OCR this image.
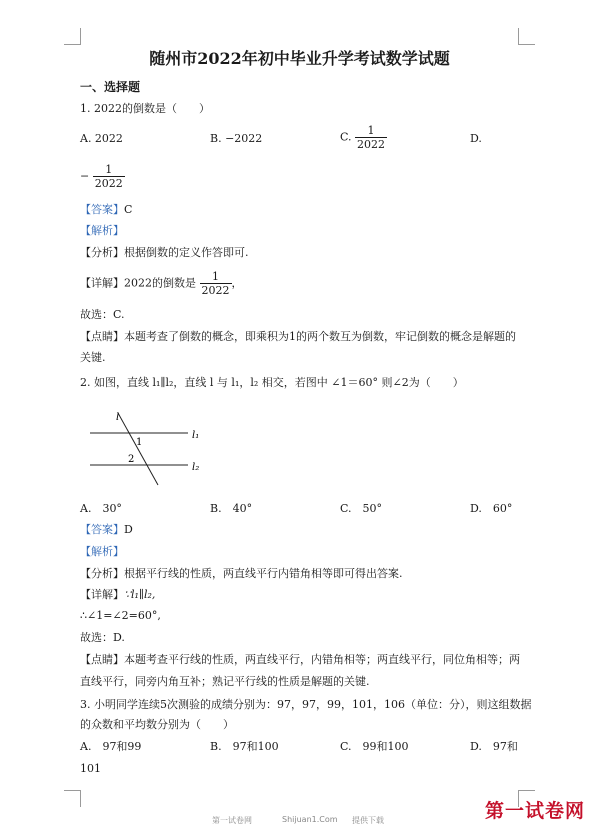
随州市2022年初中毕业升学考试数学试题
一、选择题
1. 2022的倒数是（　　）
A. 2022	B. −2022	C. $\frac{1}{2022}$	D.
− $\frac{1}{2022}$
【答案】C
【解析】
【分析】根据倒数的定义作答即可.
【详解】2022的倒数是 $\frac{1}{2022}$ ，
故选：C.
【点睛】本题考查了倒数的概念，即乘积为1的两个数互为倒数，牢记倒数的概念是解题的
关键.
2. 如图，直线 l₁∥l₂，直线 l 与 l₁，l₂ 相交，若图中 ∠1＝60° 则∠2为（　　）
l
l₁
l₂
1
2
A.　30°	B.　40°	C.　50°	D.　60°
【答案】D
【解析】
【分析】根据平行线的性质，两直线平行内错角相等即可得出答案.
【详解】∵l₁∥l₂,
∴∠1=∠2=60°,
故选：D.
【点睛】本题考查平行线的性质，两直线平行，内错角相等；两直线平行，同位角相等；两
直线平行，同旁内角互补；熟记平行线的性质是解题的关键.
3. 小明同学连续5次测验的成绩分别为：97，97，99，101，106（单位：分），则这组数据
的众数和平均数分别为（　　）
A.　97和99	B.　97和100	C.　99和100	D.　97和
101
第一试卷网	Shijuan1.Com 提供下载	第一试卷网
